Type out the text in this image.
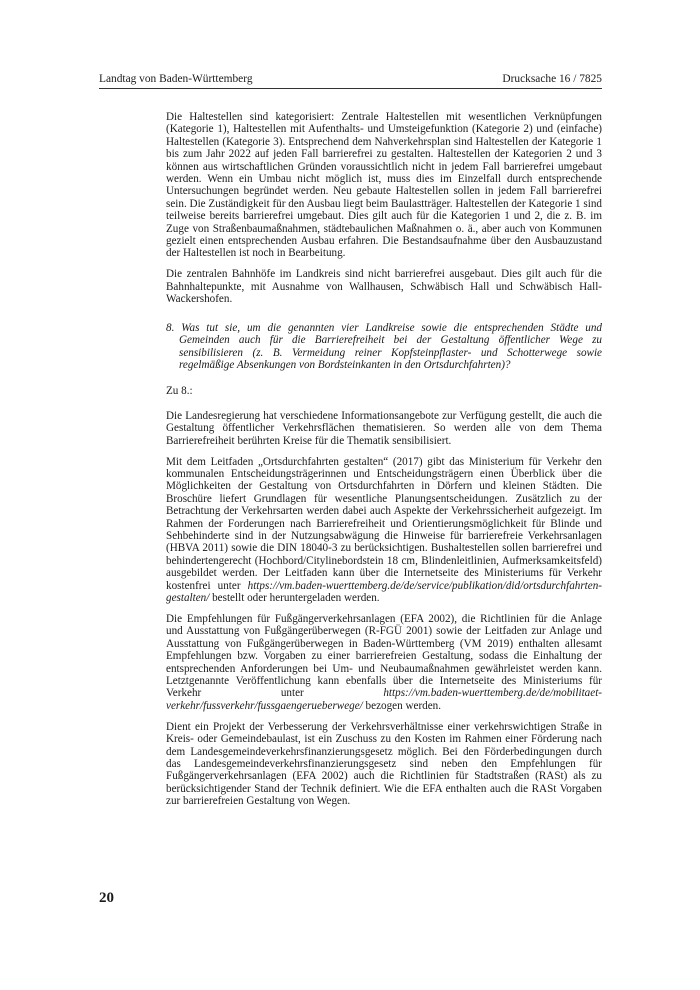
Landtag von Baden-Württemberg	Drucksache 16 / 7825

Die Haltestellen sind kategorisiert: Zentrale Haltestellen mit wesentlichen Verknüpfungen (Kategorie 1), Haltestellen mit Aufenthalts- und Umsteigefunktion (Kategorie 2) und (einfache) Haltestellen (Kategorie 3). Entsprechend dem Nahverkehrsplan sind Haltestellen der Kategorie 1 bis zum Jahr 2022 auf jeden Fall barrierefrei zu gestalten. Haltestellen der Kategorien 2 und 3 können aus wirtschaftlichen Gründen voraussichtlich nicht in jedem Fall barrierefrei umgebaut werden. Wenn ein Umbau nicht möglich ist, muss dies im Einzelfall durch entsprechende Untersuchungen begründet werden. Neu gebaute Haltestellen sollen in jedem Fall barrierefrei sein. Die Zuständigkeit für den Ausbau liegt beim Baulastträger. Haltestellen der Kategorie 1 sind teilweise bereits barrierefrei umgebaut. Dies gilt auch für die Kategorien 1 und 2, die z. B. im Zuge von Straßenbaumaßnahmen, städtebaulichen Maßnahmen o. ä., aber auch von Kommunen gezielt einen entsprechenden Ausbau erfahren. Die Bestandsaufnahme über den Ausbauzustand der Haltestellen ist noch in Bearbeitung.

Die zentralen Bahnhöfe im Landkreis sind nicht barrierefrei ausgebaut. Dies gilt auch für die Bahnhaltepunkte, mit Ausnahme von Wallhausen, Schwäbisch Hall und Schwäbisch Hall-Wackershofen.

8. Was tut sie, um die genannten vier Landkreise sowie die entsprechenden Städte und Gemeinden auch für die Barrierefreiheit bei der Gestaltung öffentlicher Wege zu sensibilisieren (z. B. Vermeidung reiner Kopfsteinpflaster- und Schotterwege sowie regelmäßige Absenkungen von Bordsteinkanten in den Ortsdurchfahrten)?

Zu 8.:

Die Landesregierung hat verschiedene Informationsangebote zur Verfügung gestellt, die auch die Gestaltung öffentlicher Verkehrsflächen thematisieren. So werden alle von dem Thema Barrierefreiheit berührten Kreise für die Thematik sensibilisiert.

Mit dem Leitfaden „Ortsdurchfahrten gestalten“ (2017) gibt das Ministerium für Verkehr den kommunalen Entscheidungsträgerinnen und Entscheidungsträgern einen Überblick über die Möglichkeiten der Gestaltung von Ortsdurchfahrten in Dörfern und kleinen Städten. Die Broschüre liefert Grundlagen für wesentliche Planungsentscheidungen. Zusätzlich zu der Betrachtung der Verkehrsarten werden dabei auch Aspekte der Verkehrssicherheit aufgezeigt. Im Rahmen der Forderungen nach Barrierefreiheit und Orientierungsmöglichkeit für Blinde und Sehbehinderte sind in der Nutzungsabwägung die Hinweise für barrierefreie Verkehrsanlagen (HBVA 2011) sowie die DIN 18040-3 zu berücksichtigen. Bushaltestellen sollen barrierefrei und behindertengerecht (Hochbord/Citylinebordstein 18 cm, Blindenleitlinien, Aufmerksamkeitsfeld) ausgebildet werden. Der Leitfaden kann über die Internetseite des Ministeriums für Verkehr kostenfrei unter https://vm.baden-wuerttemberg.de/de/service/publikation/did/ortsdurchfahrten-gestalten/ bestellt oder heruntergeladen werden.

Die Empfehlungen für Fußgängerverkehrsanlagen (EFA 2002), die Richtlinien für die Anlage und Ausstattung von Fußgängerüberwegen (R-FGÜ 2001) sowie der Leitfaden zur Anlage und Ausstattung von Fußgängerüberwegen in Baden-Württemberg (VM 2019) enthalten allesamt Empfehlungen bzw. Vorgaben zu einer barrierefreien Gestaltung, sodass die Einhaltung der entsprechenden Anforderungen bei Um- und Neubaumaßnahmen gewährleistet werden kann. Letztgenannte Veröffentlichung kann ebenfalls über die Internetseite des Ministeriums für Verkehr unter https://vm.baden-wuerttemberg.de/de/mobilitaet-verkehr/fussverkehr/fussgaengerueberwege/ bezogen werden.

Dient ein Projekt der Verbesserung der Verkehrsverhältnisse einer verkehrswichtigen Straße in Kreis- oder Gemeindebaulast, ist ein Zuschuss zu den Kosten im Rahmen einer Förderung nach dem Landesgemeindeverkehrsfinanzierungsgesetz möglich. Bei den Förderbedingungen durch das Landesgemeindeverkehrsfinanzierungsgesetz sind neben den Empfehlungen für Fußgängerverkehrsanlagen (EFA 2002) auch die Richtlinien für Stadtstraßen (RASt) als zu berücksichtigender Stand der Technik definiert. Wie die EFA enthalten auch die RASt Vorgaben zur barrierefreien Gestaltung von Wegen.

20
